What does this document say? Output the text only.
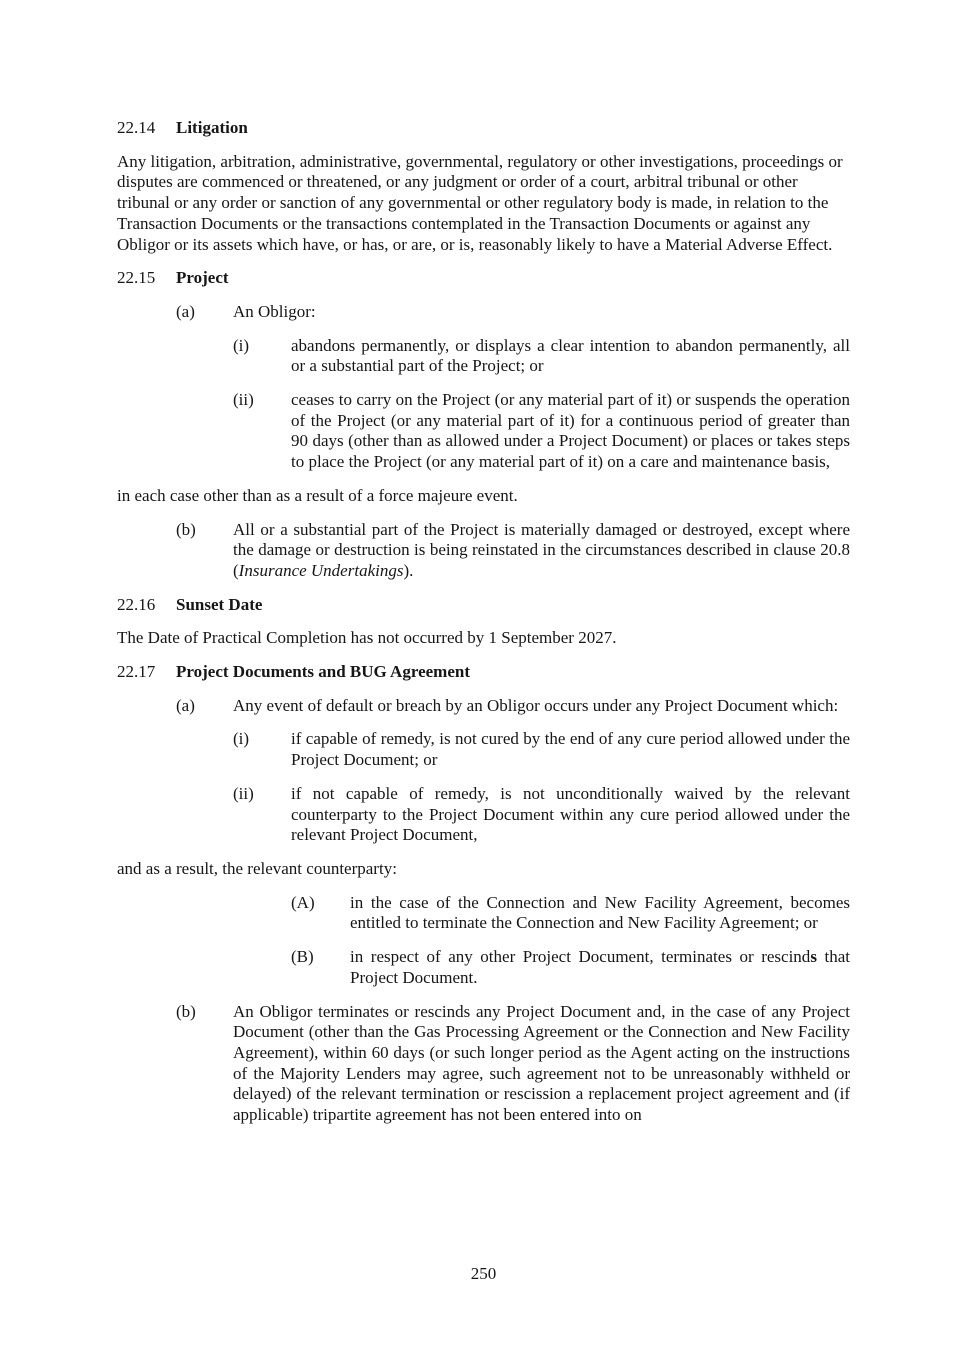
22.14	Litigation

Any litigation, arbitration, administrative, governmental, regulatory or other investigations, proceedings or disputes are commenced or threatened, or any judgment or order of a court, arbitral tribunal or other tribunal or any order or sanction of any governmental or other regulatory body is made, in relation to the Transaction Documents or the transactions contemplated in the Transaction Documents or against any Obligor or its assets which have, or has, or are, or is, reasonably likely to have a Material Adverse Effect.

22.15	Project
(a)	An Obligor:
(i)	abandons permanently, or displays a clear intention to abandon permanently, all or a substantial part of the Project; or
(ii)	ceases to carry on the Project (or any material part of it) or suspends the operation of the Project (or any material part of it) for a continuous period of greater than 90 days (other than as allowed under a Project Document) or places or takes steps to place the Project (or any material part of it) on a care and maintenance basis,

in each case other than as a result of a force majeure event.

(b)	All or a substantial part of the Project is materially damaged or destroyed, except where the damage or destruction is being reinstated in the circumstances described in clause 20.8 (Insurance Undertakings).
22.16	Sunset Date

The Date of Practical Completion has not occurred by 1 September 2027.

22.17	Project Documents and BUG Agreement
(a)	Any event of default or breach by an Obligor occurs under any Project Document which:
(i)	if capable of remedy, is not cured by the end of any cure period allowed under the Project Document; or
(ii)	if not capable of remedy, is not unconditionally waived by the relevant counterparty to the Project Document within any cure period allowed under the relevant Project Document,

and as a result, the relevant counterparty:

(A)	in the case of the Connection and New Facility Agreement, becomes entitled to terminate the Connection and New Facility Agreement; or
(B)	in respect of any other Project Document, terminates or rescinds that Project Document.
(b)	An Obligor terminates or rescinds any Project Document and, in the case of any Project Document (other than the Gas Processing Agreement or the Connection and New Facility Agreement), within 60 days (or such longer period as the Agent acting on the instructions of the Majority Lenders may agree, such agreement not to be unreasonably withheld or delayed) of the relevant termination or rescission a replacement project agreement and (if applicable) tripartite agreement has not been entered into on
250
